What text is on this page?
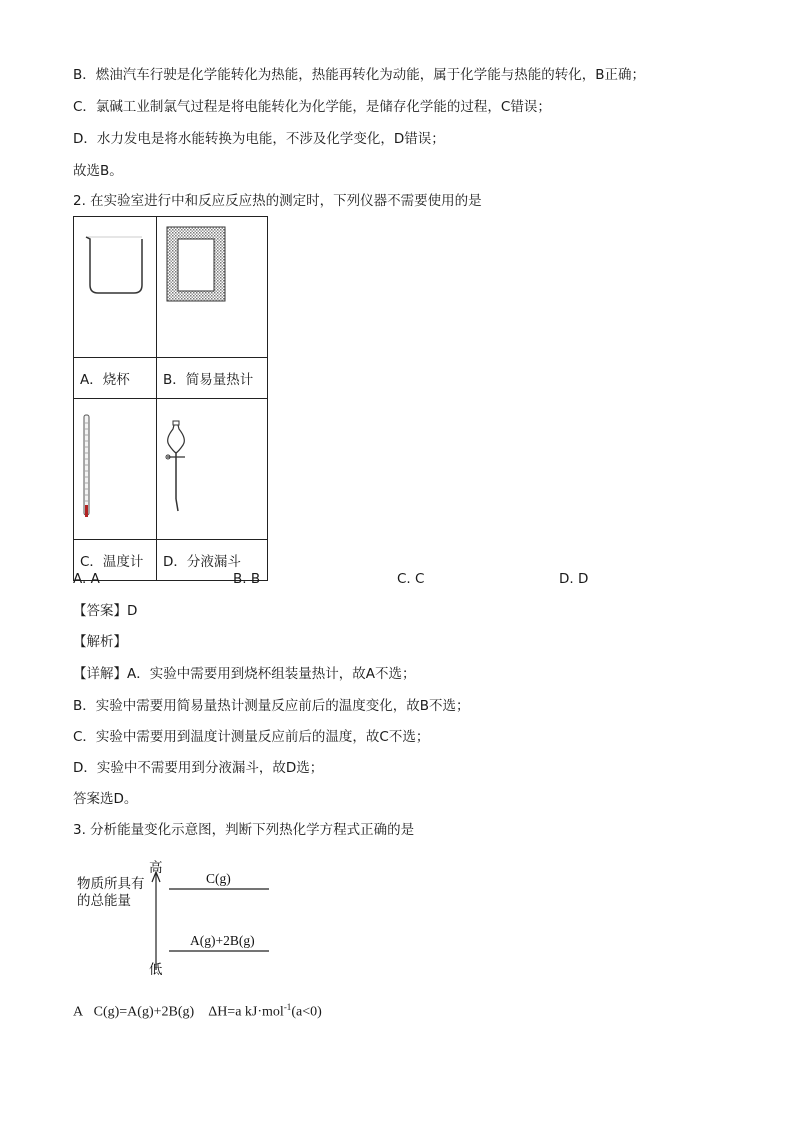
B．燃油汽车行驶是化学能转化为热能，热能再转化为动能，属于化学能与热能的转化，B正确；
C．氯碱工业制氯气过程是将电能转化为化学能，是储存化学能的过程，C错误；
D．水力发电是将水能转换为电能，不涉及化学变化，D错误；
故选B。
2. 在实验室进行中和反应反应热的测定时，下列仪器不需要使用的是

A．烧杯	B．简易量热计

C．温度计	D．分液漏斗
A. A	B. B	C. C	D. D
【答案】D
【解析】
【详解】A．实验中需要用到烧杯组装量热计，故A不选；
B．实验中需要用简易量热计测量反应前后的温度变化，故B不选；
C．实验中需要用到温度计测量反应前后的温度，故C不选；
D．实验中不需要用到分液漏斗，故D选；
答案选D。
3. 分析能量变化示意图，判断下列热化学方程式正确的是
高
物质所具有
的总能量
C(g)
A(g)+2B(g)
低
A C(g)=A(g)+2B(g) ΔH=a kJ·mol$^{-1}$(a<0)
